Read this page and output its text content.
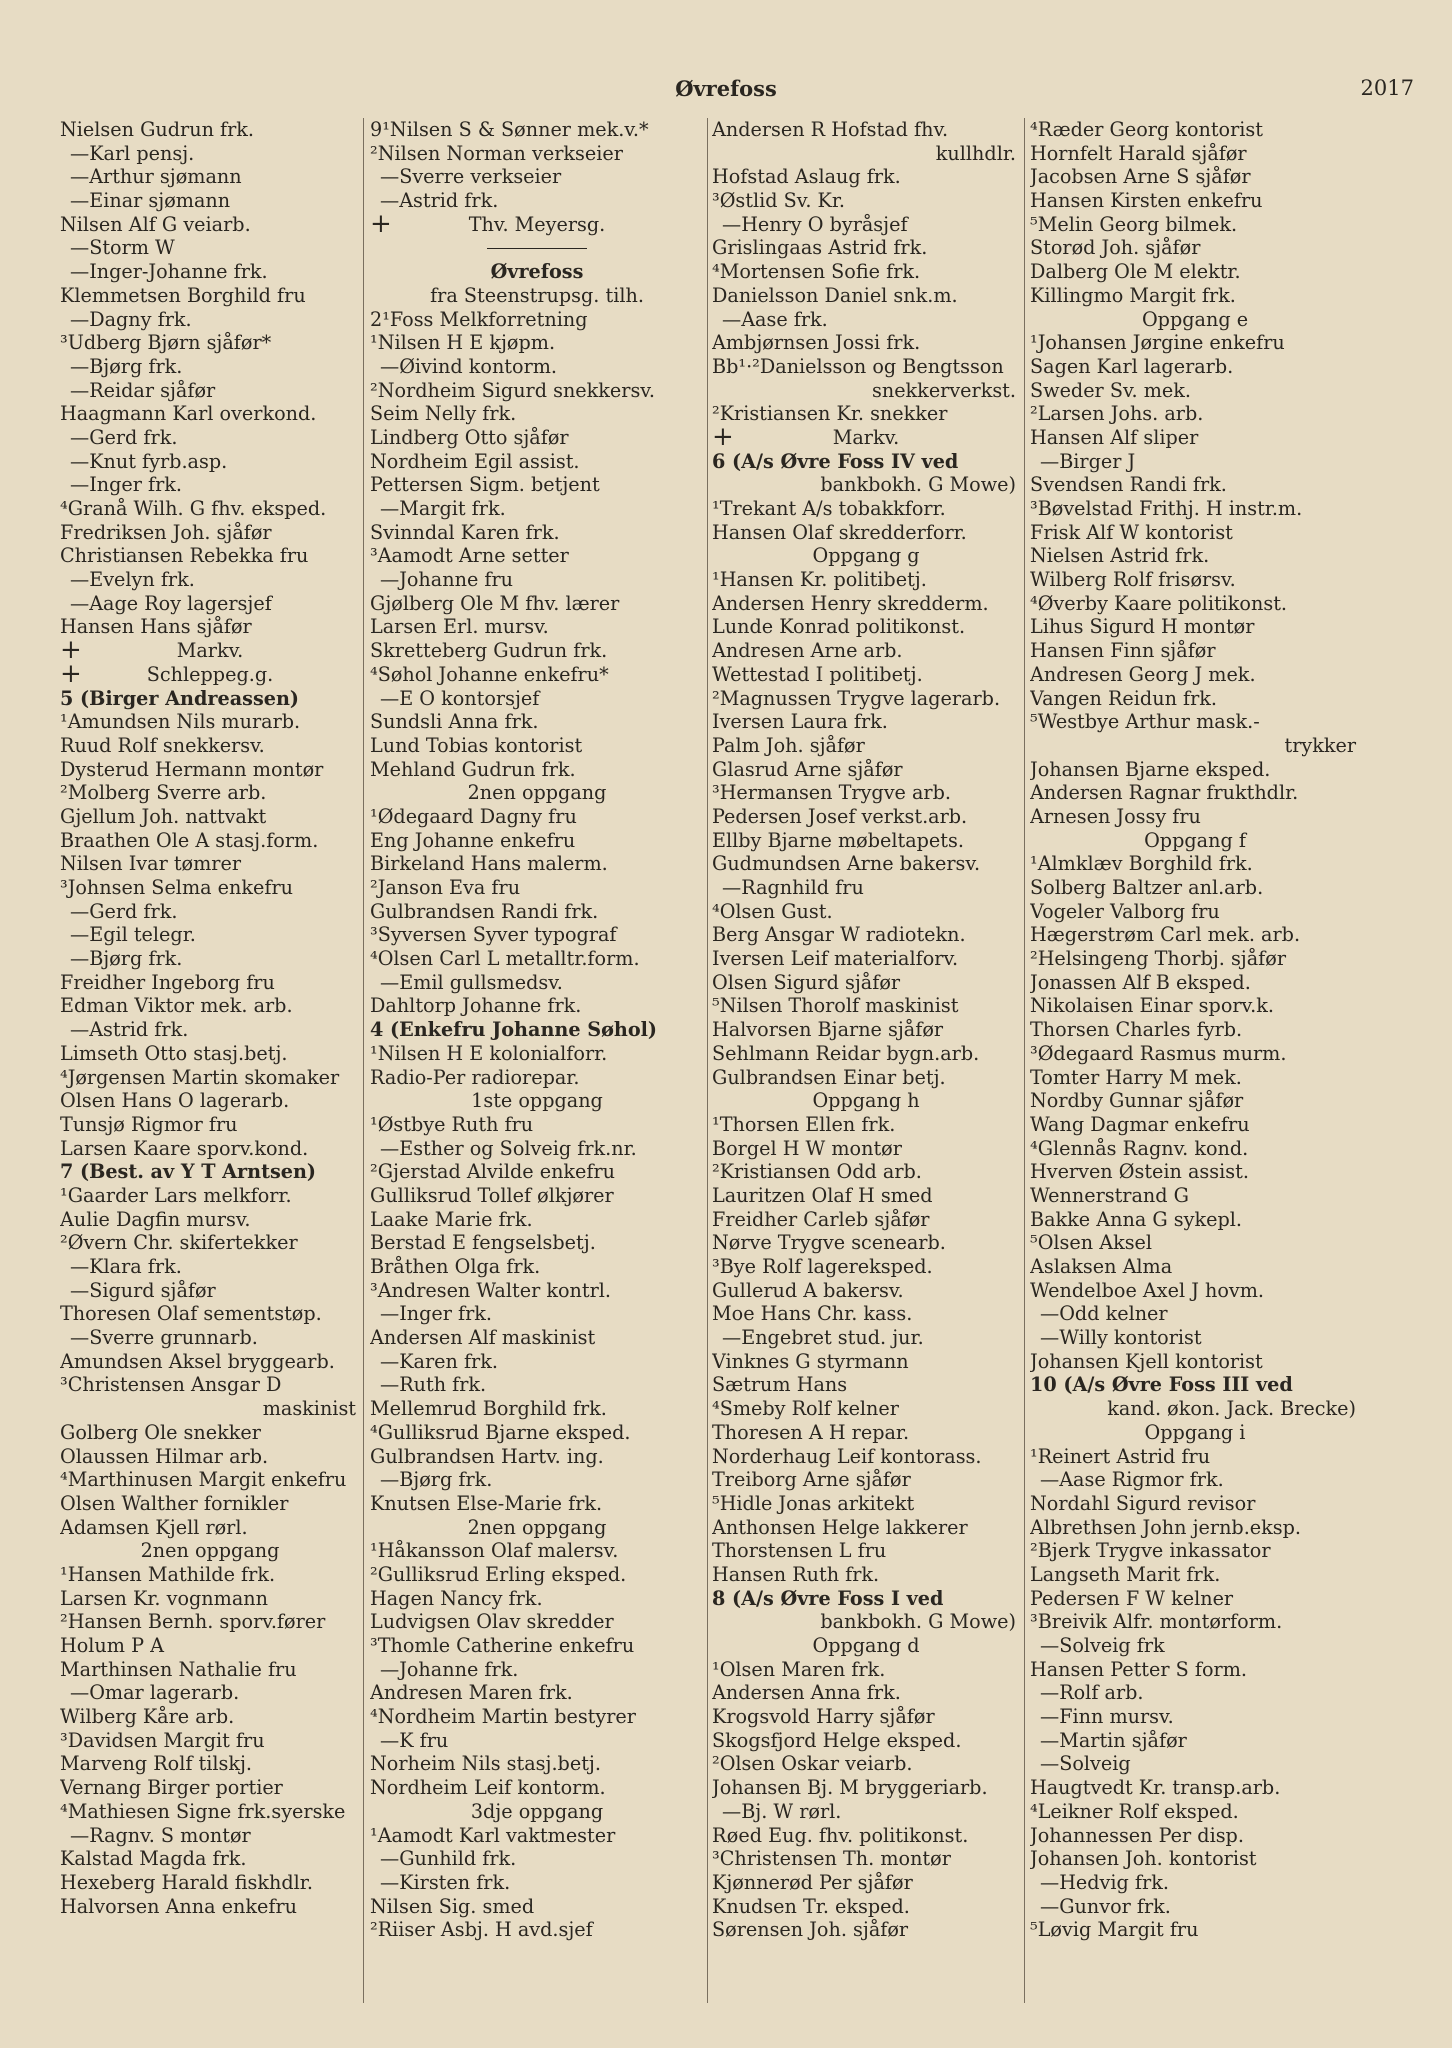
Øvrefoss	2017
Nielsen Gudrun frk.
—Karl pensj.
—Arthur sjømann
—Einar sjømann
Nilsen Alf G veiarb.
—Storm W
—Inger-Johanne frk.
Klemmetsen Borghild fru
—Dagny frk.
³Udberg Bjørn sjåfør*
—Bjørg frk.
—Reidar sjåfør
Haagmann Karl overkond.
—Gerd frk.
—Knut fyrb.asp.
—Inger frk.
⁴Granå Wilh. G fhv. eksped.
Fredriksen Joh. sjåfør
Christiansen Rebekka fru
—Evelyn frk.
—Aage Roy lagersjef
Hansen Hans sjåfør
+	Markv.
+	Schleppeg.g.
5 (Birger Andreassen)
¹Amundsen Nils murarb.
Ruud Rolf snekkersv.
Dysterud Hermann montør
²Molberg Sverre arb.
Gjellum Joh. nattvakt
Braathen Ole A stasj.form.
Nilsen Ivar tømrer
³Johnsen Selma enkefru
—Gerd frk.
—Egil telegr.
—Bjørg frk.
Freidher Ingeborg fru
Edman Viktor mek. arb.
—Astrid frk.
Limseth Otto stasj.betj.
⁴Jørgensen Martin skomaker
Olsen Hans O lagerarb.
Tunsjø Rigmor fru
Larsen Kaare sporv.kond.
7 (Best. av Y T Arntsen)
¹Gaarder Lars melkforr.
Aulie Dagfin mursv.
²Øvern Chr. skifertekker
—Klara frk.
—Sigurd sjåfør
Thoresen Olaf sementstøp.
—Sverre grunnarb.
Amundsen Aksel bryggearb.
³Christensen Ansgar D
maskinist
Golberg Ole snekker
Olaussen Hilmar arb.
⁴Marthinusen Margit enkefru
Olsen Walther fornikler
Adamsen Kjell rørl.
2nen oppgang
¹Hansen Mathilde frk.
Larsen Kr. vognmann
²Hansen Bernh. sporv.fører
Holum P A
Marthinsen Nathalie fru
—Omar lagerarb.
Wilberg Kåre arb.
³Davidsen Margit fru
Marveng Rolf tilskj.
Vernang Birger portier
⁴Mathiesen Signe frk.syerske
—Ragnv. S montør
Kalstad Magda frk.
Hexeberg Harald fiskhdlr.
Halvorsen Anna enkefru
9¹Nilsen S & Sønner mek.v.*
²Nilsen Norman verkseier
—Sverre verkseier
—Astrid frk.
+	Thv. Meyersg.
Øvrefoss
fra Steenstrupsg. tilh.
2¹Foss Melkforretning
¹Nilsen H E kjøpm.
—Øivind kontorm.
²Nordheim Sigurd snekkersv.
Seim Nelly frk.
Lindberg Otto sjåfør
Nordheim Egil assist.
Pettersen Sigm. betjent
—Margit frk.
Svinndal Karen frk.
³Aamodt Arne setter
—Johanne fru
Gjølberg Ole M fhv. lærer
Larsen Erl. mursv.
Skretteberg Gudrun frk.
⁴Søhol Johanne enkefru*
—E O kontorsjef
Sundsli Anna frk.
Lund Tobias kontorist
Mehland Gudrun frk.
2nen oppgang
¹Ødegaard Dagny fru
Eng Johanne enkefru
Birkeland Hans malerm.
²Janson Eva fru
Gulbrandsen Randi frk.
³Syversen Syver typograf
⁴Olsen Carl L metalltr.form.
—Emil gullsmedsv.
Dahltorp Johanne frk.
4 (Enkefru Johanne Søhol)
¹Nilsen H E kolonialforr.
Radio-Per radiorepar.
1ste oppgang
¹Østbye Ruth fru
—Esther og Solveig frk.nr.
²Gjerstad Alvilde enkefru
Gulliksrud Tollef ølkjører
Laake Marie frk.
Berstad E fengselsbetj.
Bråthen Olga frk.
³Andresen Walter kontrl.
—Inger frk.
Andersen Alf maskinist
—Karen frk.
—Ruth frk.
Mellemrud Borghild frk.
⁴Gulliksrud Bjarne eksped.
Gulbrandsen Hartv. ing.
—Bjørg frk.
Knutsen Else-Marie frk.
2nen oppgang
¹Håkansson Olaf malersv.
²Gulliksrud Erling eksped.
Hagen Nancy frk.
Ludvigsen Olav skredder
³Thomle Catherine enkefru
—Johanne frk.
Andresen Maren frk.
⁴Nordheim Martin bestyrer
—K fru
Norheim Nils stasj.betj.
Nordheim Leif kontorm.
3dje oppgang
¹Aamodt Karl vaktmester
—Gunhild frk.
—Kirsten frk.
Nilsen Sig. smed
²Riiser Asbj. H avd.sjef
Andersen R Hofstad fhv.
kullhdlr.
Hofstad Aslaug frk.
³Østlid Sv. Kr.
—Henry O byråsjef
Grislingaas Astrid frk.
⁴Mortensen Sofie frk.
Danielsson Daniel snk.m.
—Aase frk.
Ambjørnsen Jossi frk.
Bb¹·²Danielsson og Bengtsson
snekkerverkst.
²Kristiansen Kr. snekker
+	Markv.
6 (A/s Øvre Foss IV ved
bankbokh. G Mowe)
¹Trekant A/s tobakkforr.
Hansen Olaf skredderforr.
Oppgang g
¹Hansen Kr. politibetj.
Andersen Henry skredderm.
Lunde Konrad politikonst.
Andresen Arne arb.
Wettestad I politibetj.
²Magnussen Trygve lagerarb.
Iversen Laura frk.
Palm Joh. sjåfør
Glasrud Arne sjåfør
³Hermansen Trygve arb.
Pedersen Josef verkst.arb.
Ellby Bjarne møbeltapets.
Gudmundsen Arne bakersv.
—Ragnhild fru
⁴Olsen Gust.
Berg Ansgar W radiotekn.
Iversen Leif materialforv.
Olsen Sigurd sjåfør
⁵Nilsen Thorolf maskinist
Halvorsen Bjarne sjåfør
Sehlmann Reidar bygn.arb.
Gulbrandsen Einar betj.
Oppgang h
¹Thorsen Ellen frk.
Borgel H W montør
²Kristiansen Odd arb.
Lauritzen Olaf H smed
Freidher Carleb sjåfør
Nørve Trygve scenearb.
³Bye Rolf lagereksped.
Gullerud A bakersv.
Moe Hans Chr. kass.
—Engebret stud. jur.
Vinknes G styrmann
Sætrum Hans
⁴Smeby Rolf kelner
Thoresen A H repar.
Norderhaug Leif kontorass.
Treiborg Arne sjåfør
⁵Hidle Jonas arkitekt
Anthonsen Helge lakkerer
Thorstensen L fru
Hansen Ruth frk.
8 (A/s Øvre Foss I ved
bankbokh. G Mowe)
Oppgang d
¹Olsen Maren frk.
Andersen Anna frk.
Krogsvold Harry sjåfør
Skogsfjord Helge eksped.
²Olsen Oskar veiarb.
Johansen Bj. M bryggeriarb.
—Bj. W rørl.
Røed Eug. fhv. politikonst.
³Christensen Th. montør
Kjønnerød Per sjåfør
Knudsen Tr. eksped.
Sørensen Joh. sjåfør
⁴Ræder Georg kontorist
Hornfelt Harald sjåfør
Jacobsen Arne S sjåfør
Hansen Kirsten enkefru
⁵Melin Georg bilmek.
Storød Joh. sjåfør
Dalberg Ole M elektr.
Killingmo Margit frk.
Oppgang e
¹Johansen Jørgine enkefru
Sagen Karl lagerarb.
Sweder Sv. mek.
²Larsen Johs. arb.
Hansen Alf sliper
—Birger J
Svendsen Randi frk.
³Bøvelstad Frithj. H instr.m.
Frisk Alf W kontorist
Nielsen Astrid frk.
Wilberg Rolf frisørsv.
⁴Øverby Kaare politikonst.
Lihus Sigurd H montør
Hansen Finn sjåfør
Andresen Georg J mek.
Vangen Reidun frk.
⁵Westbye Arthur mask.-
trykker
Johansen Bjarne eksped.
Andersen Ragnar frukthdlr.
Arnesen Jossy fru
Oppgang f
¹Almklæv Borghild frk.
Solberg Baltzer anl.arb.
Vogeler Valborg fru
Hægerstrøm Carl mek. arb.
²Helsingeng Thorbj. sjåfør
Jonassen Alf B eksped.
Nikolaisen Einar sporv.k.
Thorsen Charles fyrb.
³Ødegaard Rasmus murm.
Tomter Harry M mek.
Nordby Gunnar sjåfør
Wang Dagmar enkefru
⁴Glennås Ragnv. kond.
Hverven Østein assist.
Wennerstrand G
Bakke Anna G sykepl.
⁵Olsen Aksel
Aslaksen Alma
Wendelboe Axel J hovm.
—Odd kelner
—Willy kontorist
Johansen Kjell kontorist
10 (A/s Øvre Foss III ved
kand. økon. Jack. Brecke)
Oppgang i
¹Reinert Astrid fru
—Aase Rigmor frk.
Nordahl Sigurd revisor
Albrethsen John jernb.eksp.
²Bjerk Trygve inkassator
Langseth Marit frk.
Pedersen F W kelner
³Breivik Alfr. montørform.
—Solveig frk
Hansen Petter S form.
—Rolf arb.
—Finn mursv.
—Martin sjåfør
—Solveig
Haugtvedt Kr. transp.arb.
⁴Leikner Rolf eksped.
Johannessen Per disp.
Johansen Joh. kontorist
—Hedvig frk.
—Gunvor frk.
⁵Løvig Margit fru
